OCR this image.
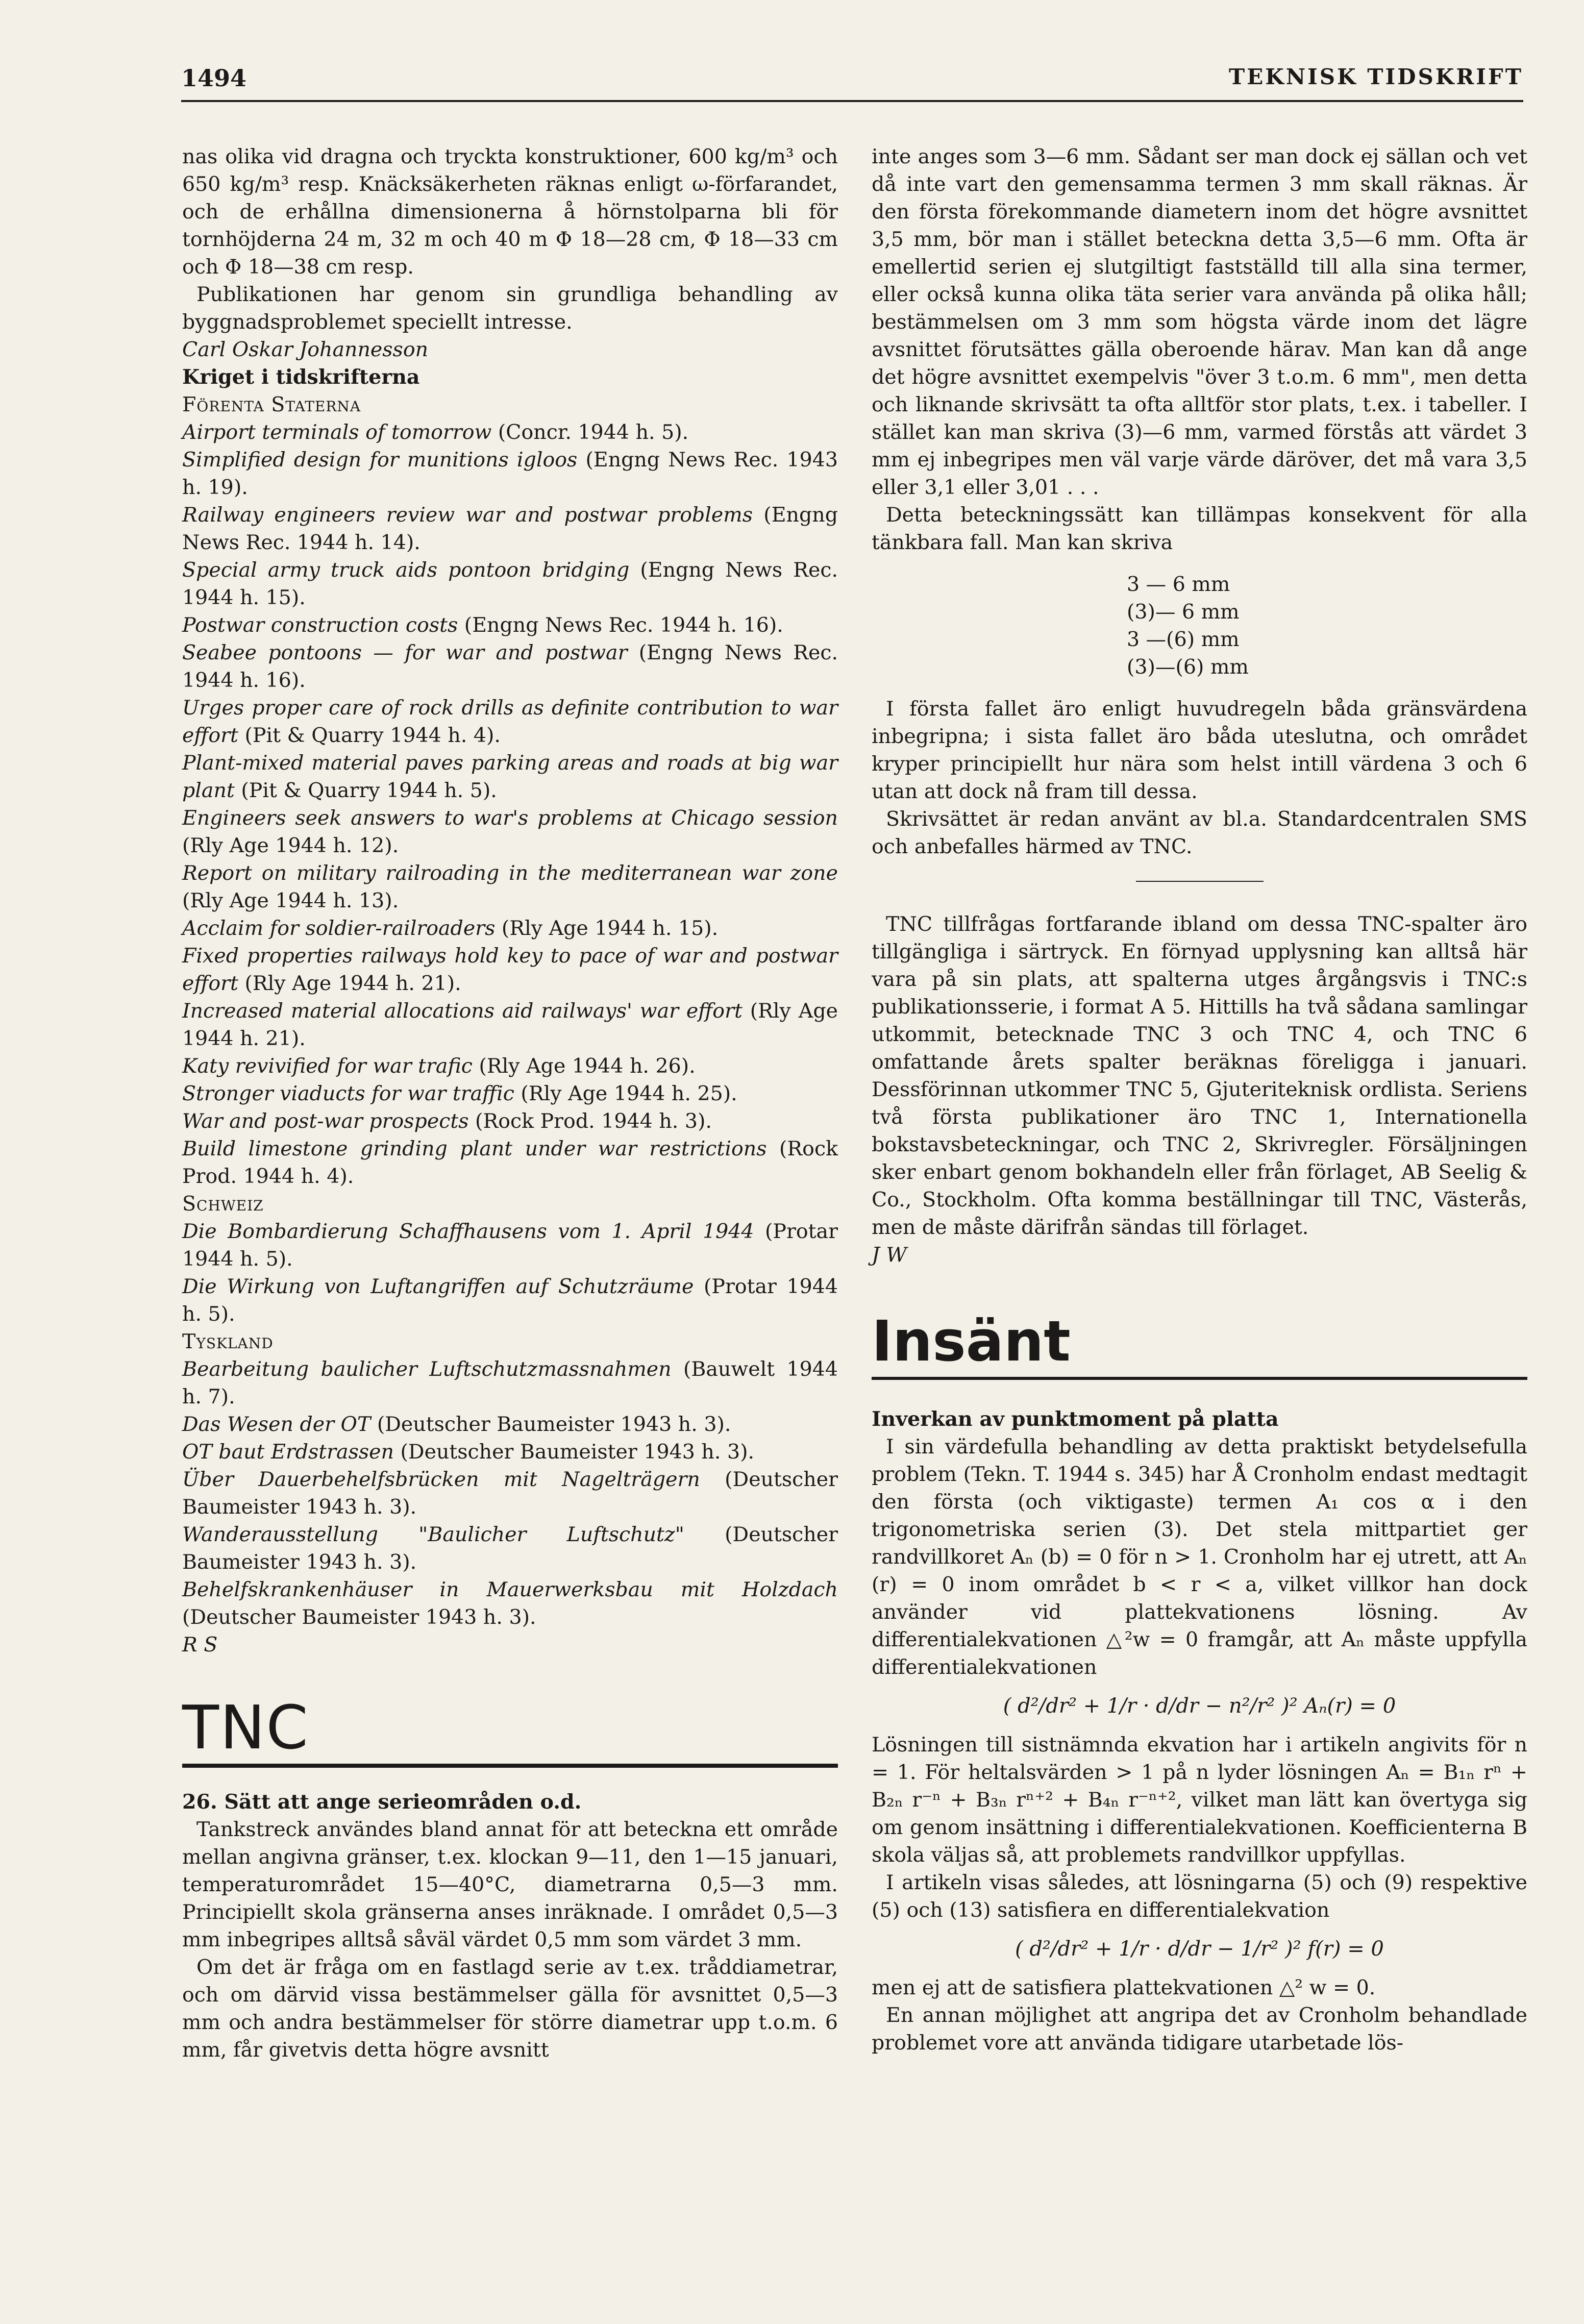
1494	TEKNISK TIDSKRIFT

nas olika vid dragna och tryckta konstruktioner, 600 kg/m³ och 650 kg/m³ resp. Knäcksäkerheten räknas enligt ω-förfarandet, och de erhållna dimensionerna å hörnstolparna bli för tornhöjderna 24 m, 32 m och 40 m Φ 18—28 cm, Φ 18—33 cm och Φ 18—38 cm resp.

Publikationen har genom sin grundliga behandling av byggnadsproblemet speciellt intresse.

Carl Oskar Johannesson

Kriget i tidskrifterna

Förenta Staterna

Airport terminals of tomorrow (Concr. 1944 h. 5).

Simplified design for munitions igloos (Engng News Rec. 1943 h. 19).

Railway engineers review war and postwar problems (Engng News Rec. 1944 h. 14).

Special army truck aids pontoon bridging (Engng News Rec. 1944 h. 15).

Postwar construction costs (Engng News Rec. 1944 h. 16).

Seabee pontoons — for war and postwar (Engng News Rec. 1944 h. 16).

Urges proper care of rock drills as definite contribution to war effort (Pit & Quarry 1944 h. 4).

Plant-mixed material paves parking areas and roads at big war plant (Pit & Quarry 1944 h. 5).

Engineers seek answers to war's problems at Chicago session (Rly Age 1944 h. 12).

Report on military railroading in the mediterranean war zone (Rly Age 1944 h. 13).

Acclaim for soldier-railroaders (Rly Age 1944 h. 15).

Fixed properties railways hold key to pace of war and postwar effort (Rly Age 1944 h. 21).

Increased material allocations aid railways' war effort (Rly Age 1944 h. 21).

Katy revivified for war trafic (Rly Age 1944 h. 26).

Stronger viaducts for war traffic (Rly Age 1944 h. 25).

War and post-war prospects (Rock Prod. 1944 h. 3).

Build limestone grinding plant under war restrictions (Rock Prod. 1944 h. 4).

Schweiz

Die Bombardierung Schaffhausens vom 1. April 1944 (Protar 1944 h. 5).

Die Wirkung von Luftangriffen auf Schutzräume (Protar 1944 h. 5).

Tyskland

Bearbeitung baulicher Luftschutzmassnahmen (Bauwelt 1944 h. 7).

Das Wesen der OT (Deutscher Baumeister 1943 h. 3).

OT baut Erdstrassen (Deutscher Baumeister 1943 h. 3).

Über Dauerbehelfsbrücken mit Nagelträgern (Deutscher Baumeister 1943 h. 3).

Wanderausstellung "Baulicher Luftschutz" (Deutscher Baumeister 1943 h. 3).

Behelfskrankenhäuser in Mauerwerksbau mit Holzdach (Deutscher Baumeister 1943 h. 3).

R S

TNC

26. Sätt att ange serieområden o.d.

Tankstreck användes bland annat för att beteckna ett område mellan angivna gränser, t.ex. klockan 9—11, den 1—15 januari, temperaturområdet 15—40°C, diametrarna 0,5—3 mm. Principiellt skola gränserna anses inräknade. I området 0,5—3 mm inbegripes alltså såväl värdet 0,5 mm som värdet 3 mm.

Om det är fråga om en fastlagd serie av t.ex. tråddiametrar, och om därvid vissa bestämmelser gälla för avsnittet 0,5—3 mm och andra bestämmelser för större diametrar upp t.o.m. 6 mm, får givetvis detta högre avsnitt

inte anges som 3—6 mm. Sådant ser man dock ej sällan och vet då inte vart den gemensamma termen 3 mm skall räknas. Är den första förekommande diametern inom det högre avsnittet 3,5 mm, bör man i stället beteckna detta 3,5—6 mm. Ofta är emellertid serien ej slutgiltigt fastställd till alla sina termer, eller också kunna olika täta serier vara använda på olika håll; bestämmelsen om 3 mm som högsta värde inom det lägre avsnittet förutsättes gälla oberoende härav. Man kan då ange det högre avsnittet exempelvis "över 3 t.o.m. 6 mm", men detta och liknande skrivsätt ta ofta alltför stor plats, t.ex. i tabeller. I stället kan man skriva (3)—6 mm, varmed förstås att värdet 3 mm ej inbegripes men väl varje värde däröver, det må vara 3,5 eller 3,1 eller 3,01 . . .

Detta beteckningssätt kan tillämpas konsekvent för alla tänkbara fall. Man kan skriva

3 — 6 mm
(3)— 6 mm
3 —(6) mm
(3)—(6) mm

I första fallet äro enligt huvudregeln båda gränsvärdena inbegripna; i sista fallet äro båda uteslutna, och området kryper principiellt hur nära som helst intill värdena 3 och 6 utan att dock nå fram till dessa.

Skrivsättet är redan använt av bl.a. Standardcentralen SMS och anbefalles härmed av TNC.

TNC tillfrågas fortfarande ibland om dessa TNC-spalter äro tillgängliga i särtryck. En förnyad upplysning kan alltså här vara på sin plats, att spalterna utges årgångsvis i TNC:s publikationsserie, i format A 5. Hittills ha två sådana samlingar utkommit, betecknade TNC 3 och TNC 4, och TNC 6 omfattande årets spalter beräknas föreligga i januari. Dessförinnan utkommer TNC 5, Gjuteriteknisk ordlista. Seriens två första publikationer äro TNC 1, Internationella bokstavsbeteckningar, och TNC 2, Skrivregler. Försäljningen sker enbart genom bokhandeln eller från förlaget, AB Seelig & Co., Stockholm. Ofta komma beställningar till TNC, Västerås, men de måste därifrån sändas till förlaget.

J W

Insänt

Inverkan av punktmoment på platta

I sin värdefulla behandling av detta praktiskt betydelsefulla problem (Tekn. T. 1944 s. 345) har Å Cronholm endast medtagit den första (och viktigaste) termen A₁ cos α i den trigonometriska serien (3). Det stela mittpartiet ger randvillkoret Aₙ (b) = 0 för n > 1. Cronholm har ej utrett, att Aₙ (r) = 0 inom området b < r < a, vilket villkor han dock använder vid plattekvationens lösning. Av differentialekvationen △²w = 0 framgår, att Aₙ måste uppfylla differentialekvationen

( d²/dr² + 1/r · d/dr − n²/r² )² Aₙ(r) = 0

Lösningen till sistnämnda ekvation har i artikeln angivits för n = 1. För heltalsvärden > 1 på n lyder lösningen Aₙ = B₁ₙ rⁿ + B₂ₙ r⁻ⁿ + B₃ₙ rⁿ⁺² + B₄ₙ r⁻ⁿ⁺², vilket man lätt kan övertyga sig om genom insättning i differentialekvationen. Koefficienterna B skola väljas så, att problemets randvillkor uppfyllas.

I artikeln visas således, att lösningarna (5) och (9) respektive (5) och (13) satisfiera en differentialekvation

( d²/dr² + 1/r · d/dr − 1/r² )² f(r) = 0

men ej att de satisfiera plattekvationen △² w = 0.

En annan möjlighet att angripa det av Cronholm behandlade problemet vore att använda tidigare utarbetade lös-
